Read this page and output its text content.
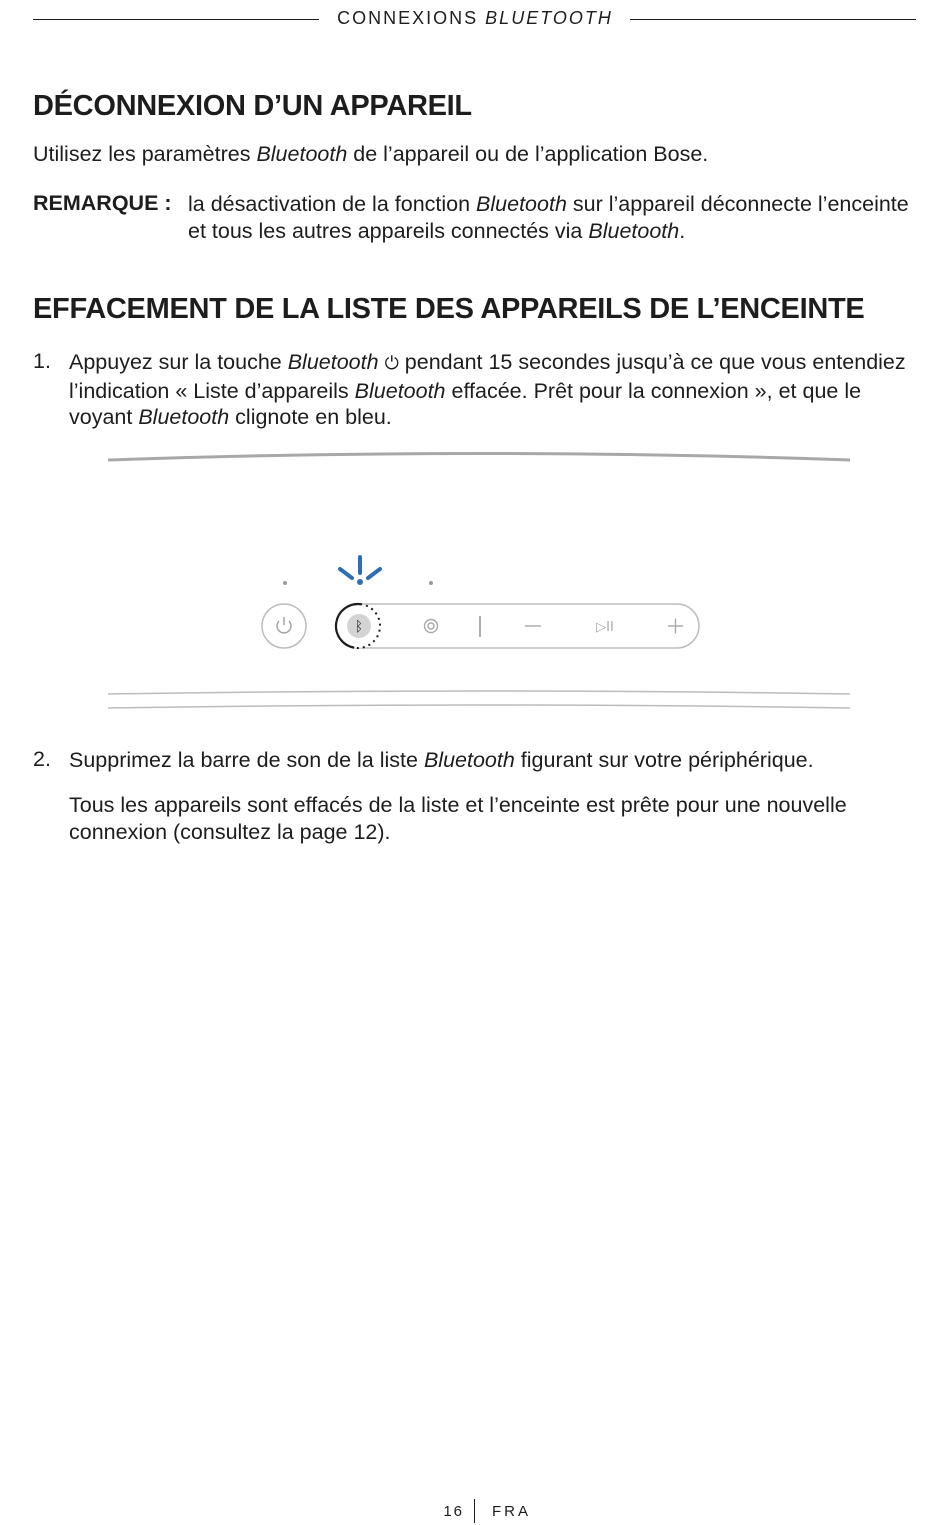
CONNEXIONS BLUETOOTH
DÉCONNEXION D’UN APPAREIL

Utilisez les paramètres Bluetooth de l’appareil ou de l’application Bose.

REMARQUE : la désactivation de la fonction Bluetooth sur l’appareil déconnecte l’enceinte et tous les autres appareils connectés via Bluetooth.

EFFACEMENT DE LA LISTE DES APPAREILS DE L’ENCEINTE

1. Appuyez sur la touche Bluetooth ⏻ pendant 15 secondes jusqu’à ce que vous entendiez l’indication « Liste d’appareils Bluetooth effacée. Prêt pour la connexion », et que le voyant Bluetooth clignote en bleu.

ᛒ	▷II

2. Supprimez la barre de son de la liste Bluetooth figurant sur votre périphérique.

Tous les appareils sont effacés de la liste et l’enceinte est prête pour une nouvelle connexion (consultez la page 12).

16 FRA
